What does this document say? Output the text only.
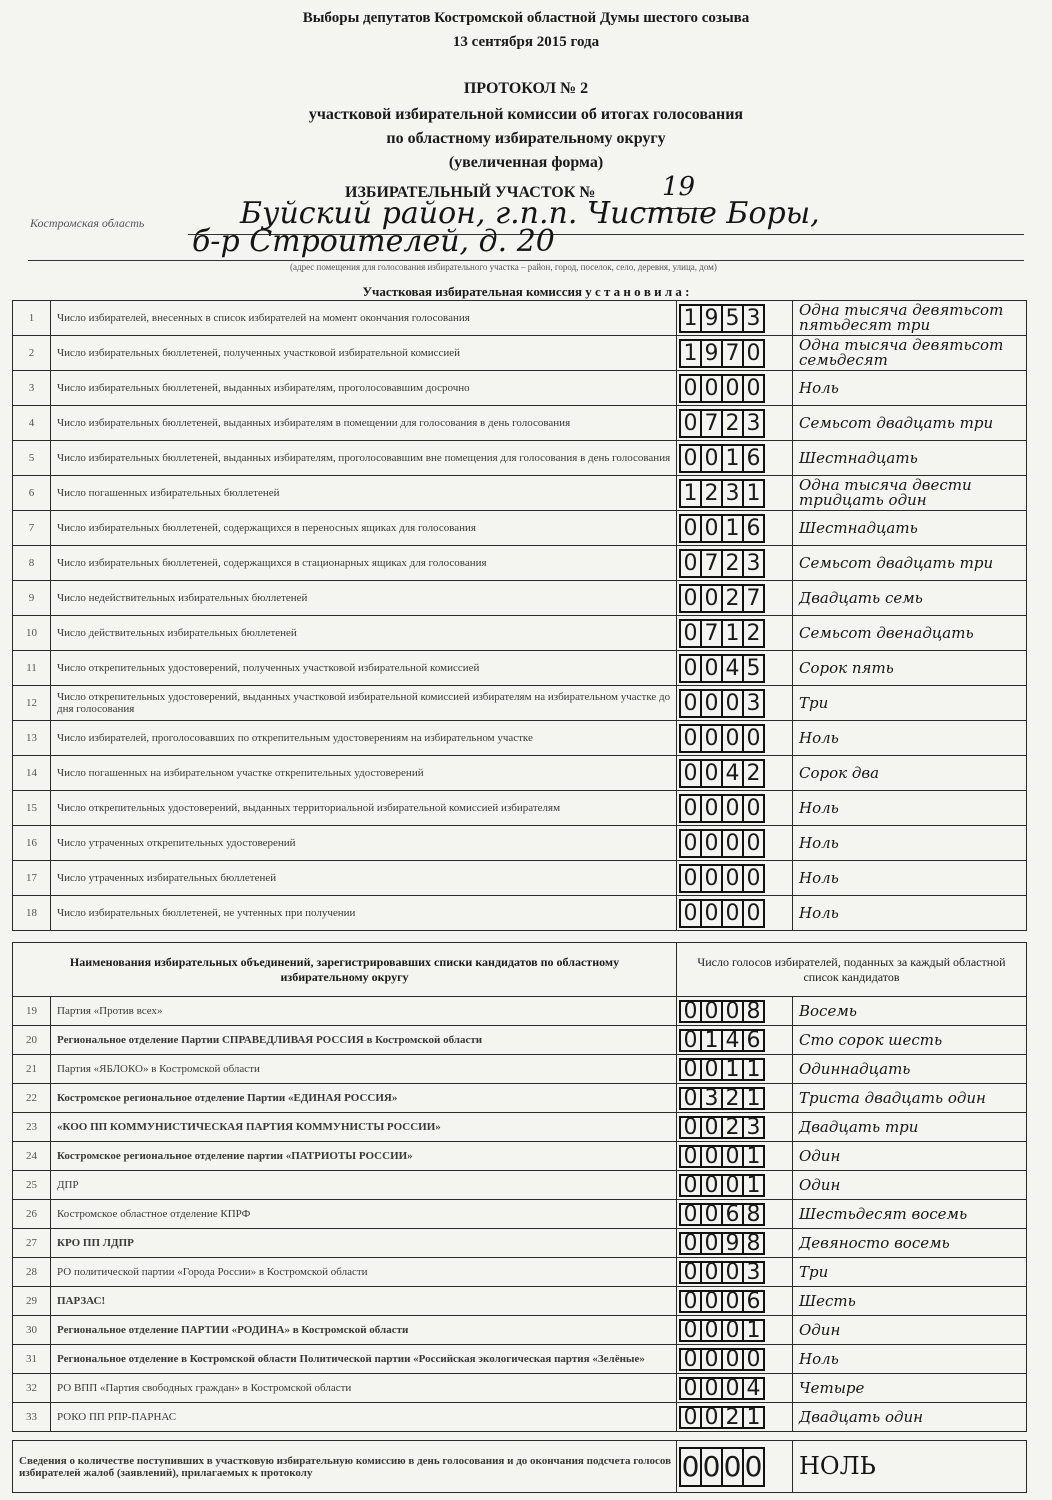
Выборы депутатов Костромской областной Думы шестого созыва
13 сентября 2015 года
ПРОТОКОЛ № 2
участковой избирательной комиссии об итогах голосования
по областному избирательному округу
(увеличенная форма)
ИЗБИРАТЕЛЬНЫЙ УЧАСТОК №	19
Костромская область	Буйский район, г.п.п. Чистые Боры,
б-р Строителей, д. 20
(адрес помещения для голосования избирательного участка – район, город, поселок, село, деревня, улица, дом)
Участковая избирательная комиссия у с т а н о в и л а :
1	Число избирателей, внесенных в список избирателей на момент окончания голосования	1 9 5 3	Одна тысяча девятьсот пятьдесят три
2	Число избирательных бюллетеней, полученных участковой избирательной комиссией	1 9 7 0	Одна тысяча девятьсот семьдесят
3	Число избирательных бюллетеней, выданных избирателям, проголосовавшим досрочно	0 0 0 0	Ноль
4	Число избирательных бюллетеней, выданных избирателям в помещении для голосования в день голосования	0 7 2 3	Семьсот двадцать три
5	Число избирательных бюллетеней, выданных избирателям, проголосовавшим вне помещения для голосования в день голосования	0 0 1 6	Шестнадцать
6	Число погашенных избирательных бюллетеней	1 2 3 1	Одна тысяча двести тридцать один
7	Число избирательных бюллетеней, содержащихся в переносных ящиках для голосования	0 0 1 6	Шестнадцать
8	Число избирательных бюллетеней, содержащихся в стационарных ящиках для голосования	0 7 2 3	Семьсот двадцать три
9	Число недействительных избирательных бюллетеней	0 0 2 7	Двадцать семь
10	Число действительных избирательных бюллетеней	0 7 1 2	Семьсот двенадцать
11	Число открепительных удостоверений, полученных участковой избирательной комиссией	0 0 4 5	Сорок пять
12	Число открепительных удостоверений, выданных участковой избирательной комиссией избирателям на избирательном участке до дня голосования	0 0 0 3	Три
13	Число избирателей, проголосовавших по открепительным удостоверениям на избирательном участке	0 0 0 0	Ноль
14	Число погашенных на избирательном участке открепительных удостоверений	0 0 4 2	Сорок два
15	Число открепительных удостоверений, выданных территориальной избирательной комиссией избирателям	0 0 0 0	Ноль
16	Число утраченных открепительных удостоверений	0 0 0 0	Ноль
17	Число утраченных избирательных бюллетеней	0 0 0 0	Ноль
18	Число избирательных бюллетеней, не учтенных при получении	0 0 0 0	Ноль
Наименования избирательных объединений, зарегистрировавших списки кандидатов по областному избирательному округу		Число голосов избирателей, поданных за каждый областной список кандидатов	
19	Партия «Против всех»	0 0 0 8	Восемь
20	Региональное отделение Партии СПРАВЕДЛИВАЯ РОССИЯ в Костромской области	0 1 4 6	Сто сорок шесть
21	Партия «ЯБЛОКО» в Костромской области	0 0 1 1	Одиннадцать
22	Костромское региональное отделение Партии «ЕДИНАЯ РОССИЯ»	0 3 2 1	Триста двадцать один
23	«КОО ПП КОММУНИСТИЧЕСКАЯ ПАРТИЯ КОММУНИСТЫ РОССИИ»	0 0 2 3	Двадцать три
24	Костромское региональное отделение партии «ПАТРИОТЫ РОССИИ»	0 0 0 1	Один
25	ДПР	0 0 0 1	Один
26	Костромское областное отделение КПРФ	0 0 6 8	Шестьдесят восемь
27	КРО ПП ЛДПР	0 0 9 8	Девяносто восемь
28	РО политической партии «Города России» в Костромской области	0 0 0 3	Три
29	ПАРЗАС!	0 0 0 6	Шесть
30	Региональное отделение ПАРТИИ «РОДИНА» в Костромской области	0 0 0 1	Один
31	Региональное отделение в Костромской области Политической партии «Российская экологическая партия «Зелёные»	0 0 0 0	Ноль
32	РО ВПП «Партия свободных граждан» в Костромской области	0 0 0 4	Четыре
33	РОКО ПП РПР-ПАРНАС	0 0 2 1	Двадцать один
Сведения о количестве поступивших в участковую избирательную комиссию в день голосования и до окончания подсчета голосов избирателей жалоб (заявлений), прилагаемых к протоколу	0 0 0 0	НОЛЬ
